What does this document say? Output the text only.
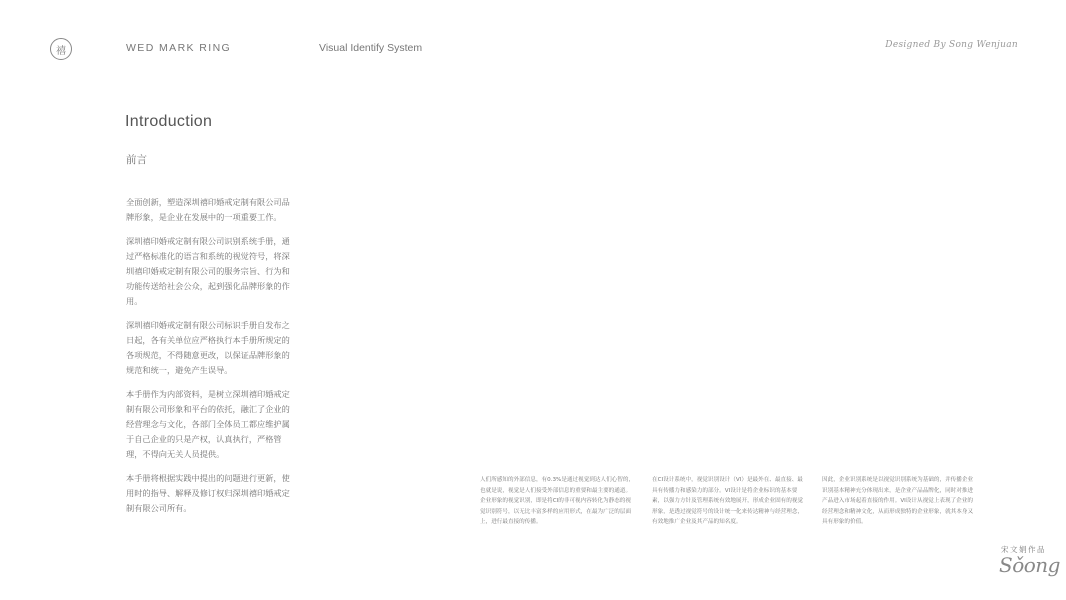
禧	WED MARK RING	Visual Identify System	Designed By Song Wenjuan
Introduction
前言

全面创新，塑造深圳禧印婚戒定制有限公司品牌形象，是企业在发展中的一项重要工作。

深圳禧印婚戒定制有限公司识别系统手册，通过严格标准化的语言和系统的视觉符号，将深圳禧印婚戒定制有限公司的服务宗旨、行为和功能传送给社会公众，起到强化品牌形象的作用。

深圳禧印婚戒定制有限公司标识手册自发布之日起，各有关单位应严格执行本手册所规定的各项规范，不得随意更改，以保证品牌形象的规范和统一，避免产生误导。

本手册作为内部资料，是树立深圳禧印婚戒定制有限公司形象和平台的依托，融汇了企业的经营理念与文化，各部门全体员工都应维护属于自己企业的只是产权，认真执行，严格管理，不得向无关人员提供。

本手册将根据实践中提出的问题进行更新，使用时的指导、解释及修订权归深圳禧印婚戒定制有限公司所有。

人们所感知的外部信息，有0.3%是通过视觉到达人们心智的，也就是说，视觉是人们接受外部信息的重要和最主要的通道。企业形象的视觉识别，即是将CI的非可视内容转化为静态的视觉识别符号，以无比丰富多样的应用形式，在最为广泛的层面上，进行最直接的传播。
在CI设计系统中，视觉识别设计（VI）是最外在、最直接、最具有传播力和感染力的部分。VI设计是将企业标识的基本要素，以强力方针及管理系统有效地展开，形成企业固有的视觉形象，是透过视觉符号的设计统一化来传达精神与经营理念，有效地推广企业及其产品的知名度。
因此，企业识别系统是以视觉识别系统为基础的，并传播企业识别基本精神充分体现出来，是企业产品品牌化，同时对推进产品进入市场起着直接的作用。VI设计从视觉上表现了企业的经营理念和精神文化，从而形成独特的企业形象，就其本身又具有形象的价值。
宋文娟作品
Sǒong
